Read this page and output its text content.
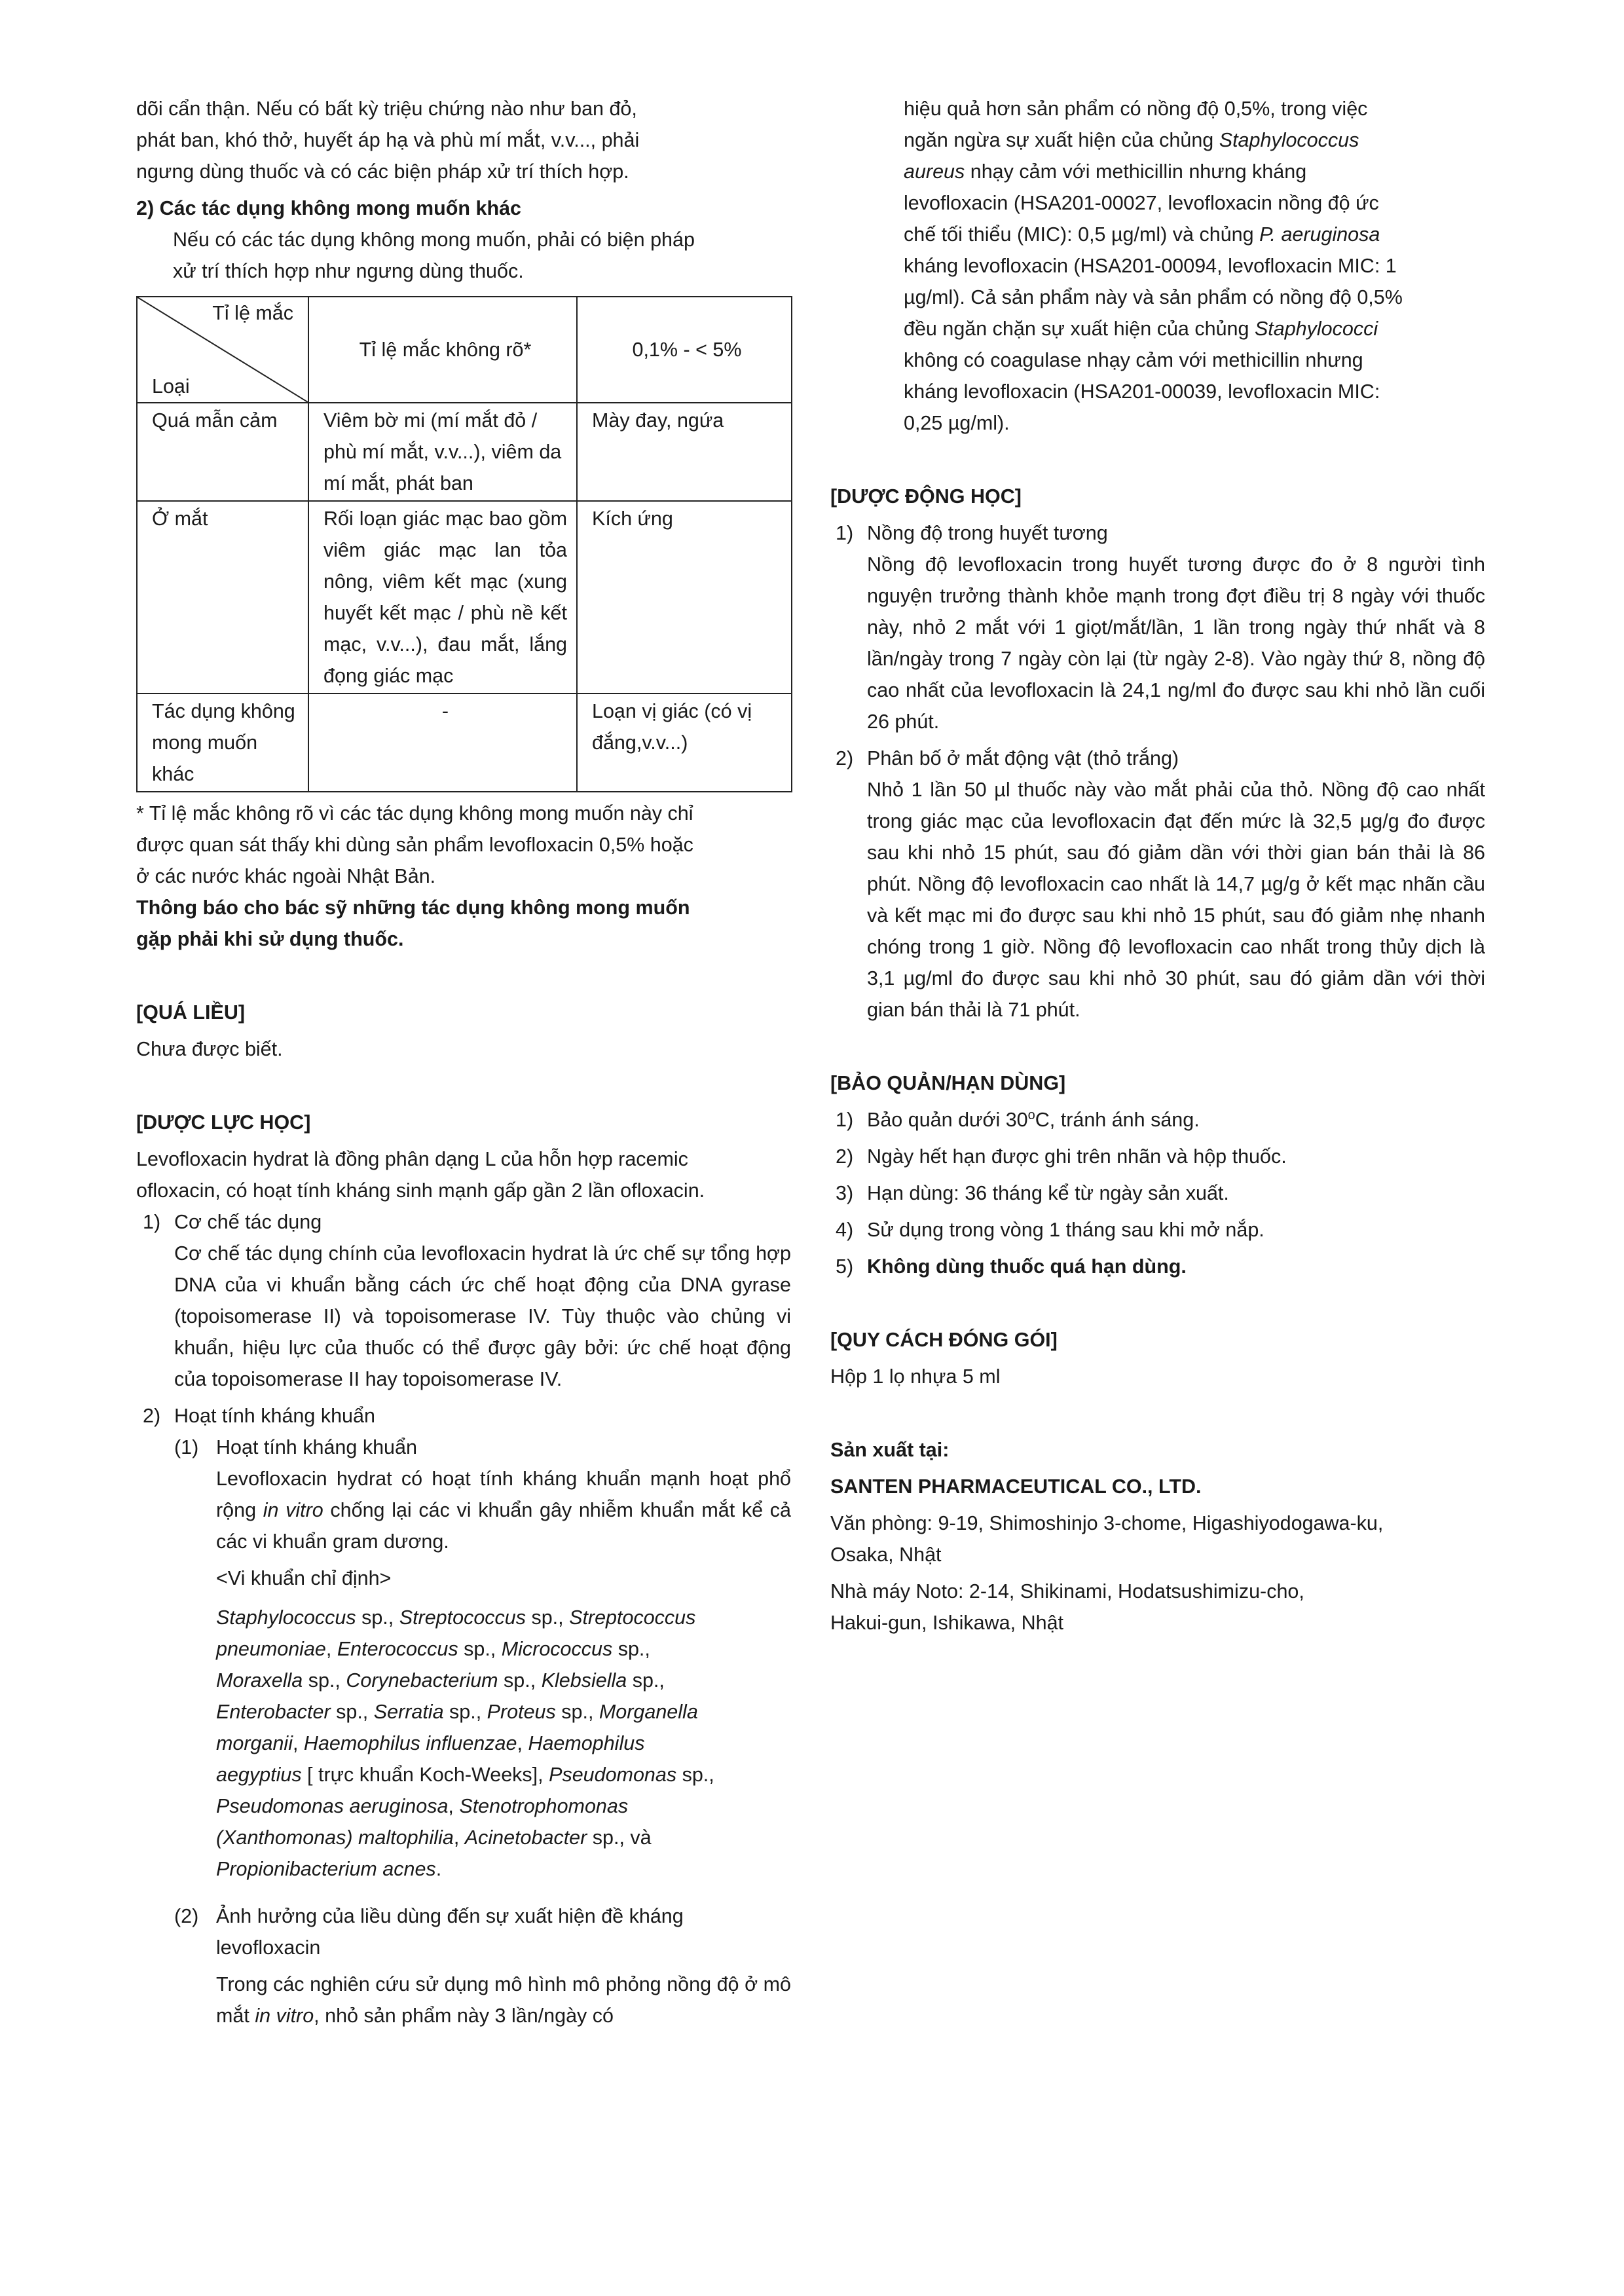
dõi cẩn thận. Nếu có bất kỳ triệu chứng nào như ban đỏ,

phát ban, khó thở, huyết áp hạ và phù mí mắt, v.v..., phải

ngưng dùng thuốc và có các biện pháp xử trí thích hợp.

2) Các tác dụng không mong muốn khác

Nếu có các tác dụng không mong muốn, phải có biện pháp

xử trí thích hợp như ngưng dùng thuốc.

Tỉ lệ mắc
Loại	Tỉ lệ mắc không rõ*	0,1% - < 5%
Quá mẫn cảm	Viêm bờ mi (mí mắt đỏ / phù mí mắt, v.v...), viêm da mí mắt, phát ban	Mày đay, ngứa
Ở mắt	Rối loạn giác mạc bao gồm viêm giác mạc lan tỏa nông, viêm kết mạc (xung huyết kết mạc / phù nề kết mạc, v.v...), đau mắt, lắng đọng giác mạc	Kích ứng
Tác dụng không mong muốn khác	-	Loạn vị giác (có vị đắng,v.v...)

* Tỉ lệ mắc không rõ vì các tác dụng không mong muốn này chỉ

được quan sát thấy khi dùng sản phẩm levofloxacin 0,5% hoặc

ở các nước khác ngoài Nhật Bản.

Thông báo cho bác sỹ những tác dụng không mong muốn

gặp phải khi sử dụng thuốc.

[QUÁ LIỀU]

Chưa được biết.

[DƯỢC LỰC HỌC]

Levofloxacin hydrat là đồng phân dạng L của hỗn hợp racemic

ofloxacin, có hoạt tính kháng sinh mạnh gấp gần 2 lần ofloxacin.

1) Cơ chế tác dụng

Cơ chế tác dụng chính của levofloxacin hydrat là ức chế sự tổng hợp DNA của vi khuẩn bằng cách ức chế hoạt động của DNA gyrase (topoisomerase II) và topoisomerase IV. Tùy thuộc vào chủng vi khuẩn, hiệu lực của thuốc có thể được gây bởi: ức chế hoạt động của topoisomerase II hay topoisomerase IV.

2) Hoạt tính kháng khuẩn
(1) Hoạt tính kháng khuẩn

Levofloxacin hydrat có hoạt tính kháng khuẩn mạnh hoạt phổ rộng in vitro chống lại các vi khuẩn gây nhiễm khuẩn mắt kể cả các vi khuẩn gram dương.

<Vi khuẩn chỉ định>

Staphylococcus sp., Streptococcus sp., Streptococcus

pneumoniae, Enterococcus sp., Micrococcus sp.,

Moraxella sp., Corynebacterium sp., Klebsiella sp.,

Enterobacter sp., Serratia sp., Proteus sp., Morganella

morganii, Haemophilus influenzae, Haemophilus

aegyptius [ trực khuẩn Koch-Weeks], Pseudomonas sp.,

Pseudomonas aeruginosa, Stenotrophomonas

(Xanthomonas) maltophilia, Acinetobacter sp., và

Propionibacterium acnes.

(2) Ảnh hưởng của liều dùng đến sự xuất hiện đề kháng levofloxacin

Trong các nghiên cứu sử dụng mô hình mô phỏng nồng độ ở mô mắt in vitro, nhỏ sản phẩm này 3 lần/ngày có

hiệu quả hơn sản phẩm có nồng độ 0,5%, trong việc

ngăn ngừa sự xuất hiện của chủng Staphylococcus

aureus nhạy cảm với methicillin nhưng kháng

levofloxacin (HSA201-00027, levofloxacin nồng độ ức

chế tối thiểu (MIC): 0,5 µg/ml) và chủng P. aeruginosa

kháng levofloxacin (HSA201-00094, levofloxacin MIC: 1

µg/ml). Cả sản phẩm này và sản phẩm có nồng độ 0,5%

đều ngăn chặn sự xuất hiện của chủng Staphylococci

không có coagulase nhạy cảm với methicillin nhưng

kháng levofloxacin (HSA201-00039, levofloxacin MIC:

0,25 µg/ml).

[DƯỢC ĐỘNG HỌC]

1) Nồng độ trong huyết tương

Nồng độ levofloxacin trong huyết tương được đo ở 8 người tình nguyện trưởng thành khỏe mạnh trong đợt điều trị 8 ngày với thuốc này, nhỏ 2 mắt với 1 giọt/mắt/lần, 1 lần trong ngày thứ nhất và 8 lần/ngày trong 7 ngày còn lại (từ ngày 2-8). Vào ngày thứ 8, nồng độ cao nhất của levofloxacin là 24,1 ng/ml đo được sau khi nhỏ lần cuối 26 phút.

2) Phân bố ở mắt động vật (thỏ trắng)

Nhỏ 1 lần 50 µl thuốc này vào mắt phải của thỏ. Nồng độ cao nhất trong giác mạc của levofloxacin đạt đến mức là 32,5 µg/g đo được sau khi nhỏ 15 phút, sau đó giảm dần với thời gian bán thải là 86 phút. Nồng độ levofloxacin cao nhất là 14,7 µg/g ở kết mạc nhãn cầu và kết mạc mi đo được sau khi nhỏ 15 phút, sau đó giảm nhẹ nhanh chóng trong 1 giờ. Nồng độ levofloxacin cao nhất trong thủy dịch là 3,1 µg/ml đo được sau khi nhỏ 30 phút, sau đó giảm dần với thời gian bán thải là 71 phút.

[BẢO QUẢN/HẠN DÙNG]

1) Bảo quản dưới 30$^o$C, tránh ánh sáng.
2) Ngày hết hạn được ghi trên nhãn và hộp thuốc.
3) Hạn dùng: 36 tháng kể từ ngày sản xuất.
4) Sử dụng trong vòng 1 tháng sau khi mở nắp.
5) Không dùng thuốc quá hạn dùng.

[QUY CÁCH ĐÓNG GÓI]

Hộp 1 lọ nhựa 5 ml

Sản xuất tại:

SANTEN PHARMACEUTICAL CO., LTD.

Văn phòng: 9-19, Shimoshinjo 3-chome, Higashiyodogawa-ku,

Osaka, Nhật

Nhà máy Noto: 2-14, Shikinami, Hodatsushimizu-cho,

Hakui-gun, Ishikawa, Nhật
